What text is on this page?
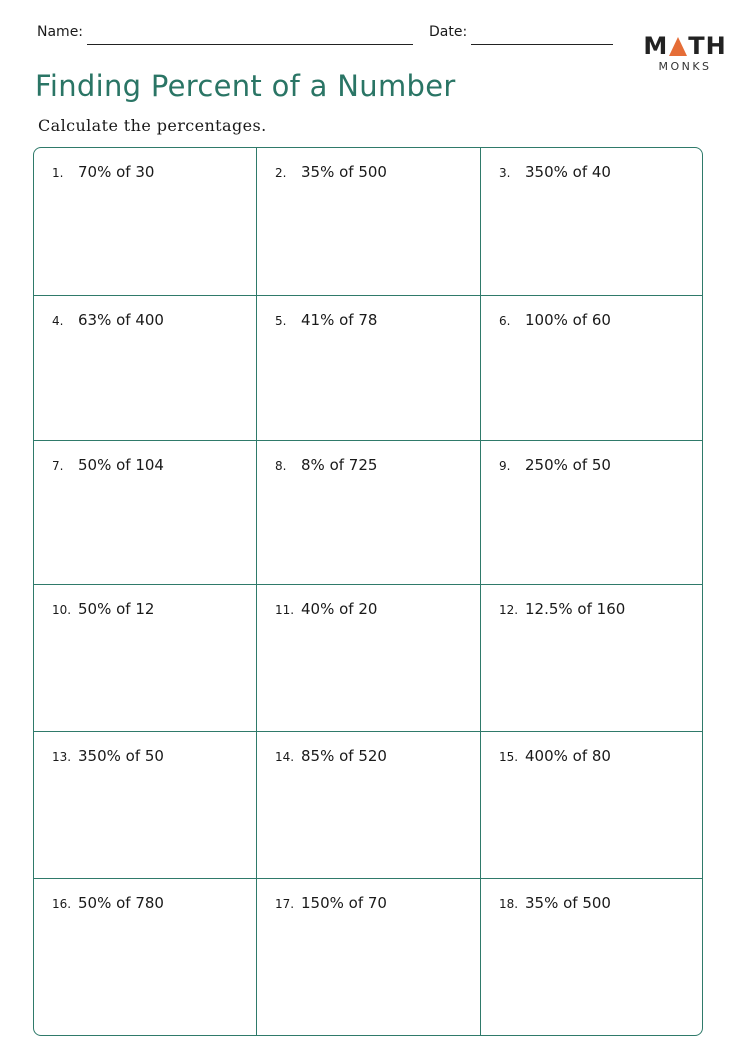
Name:	Date:	M TH
MONKS
Finding Percent of a Number
Calculate the percentages.
1. 70% of 30	2. 35% of 500	3. 350% of 40
4. 63% of 400	5. 41% of 78	6. 100% of 60
7. 50% of 104	8. 8% of 725	9. 250% of 50
10. 50% of 12	11. 40% of 20	12. 12.5% of 160
13. 350% of 50	14. 85% of 520	15. 400% of 80
16. 50% of 780	17. 150% of 70	18. 35% of 500
